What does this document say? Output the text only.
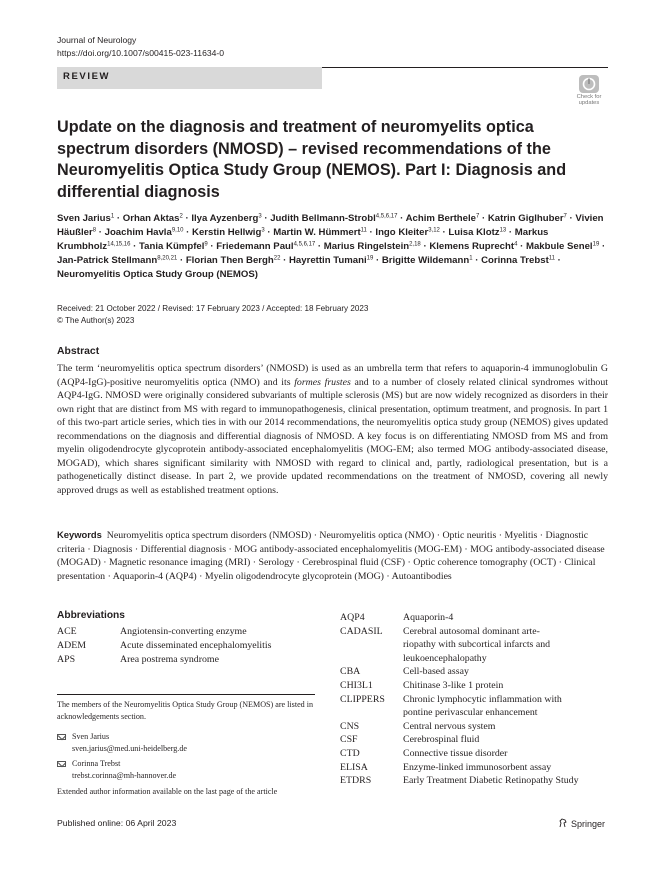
Journal of Neurology
https://doi.org/10.1007/s00415-023-11634-0
REVIEW
Check for
updates
Update on the diagnosis and treatment of neuromyelits optica spectrum disorders (NMOSD) – revised recommendations of the Neuromyelitis Optica Study Group (NEMOS). Part I: Diagnosis and differential diagnosis
Sven Jarius$^1$ · Orhan Aktas$^2$ · Ilya Ayzenberg$^3$ · Judith Bellmann-Strobl$^{4,5,6,17}$ · Achim Berthele$^7$ · Katrin Giglhuber$^7$ · Vivien Häußler$^8$ · Joachim Havla$^{9,10}$ · Kerstin Hellwig$^3$ · Martin W. Hümmert$^{11}$ · Ingo Kleiter$^{3,12}$ · Luisa Klotz$^{13}$ · Markus Krumbholz$^{14,15,16}$ · Tania Kümpfel$^9$ · Friedemann Paul$^{4,5,6,17}$ · Marius Ringelstein$^{2,18}$ · Klemens Ruprecht$^4$ · Makbule Senel$^{19}$ · Jan-Patrick Stellmann$^{8,20,21}$ · Florian Then Bergh$^{22}$ · Hayrettin Tumani$^{19}$ · Brigitte Wildemann$^1$ · Corinna Trebst$^{11}$ · Neuromyelitis Optica Study Group (NEMOS)
Received: 21 October 2022 / Revised: 17 February 2023 / Accepted: 18 February 2023
© The Author(s) 2023
Abstract
The term ‘neuromyelitis optica spectrum disorders’ (NMOSD) is used as an umbrella term that refers to aquaporin-4 immunoglobulin G (AQP4-IgG)-positive neuromyelitis optica (NMO) and its formes frustes and to a number of closely related clinical syndromes without AQP4-IgG. NMOSD were originally considered subvariants of multiple sclerosis (MS) but are now widely recognized as disorders in their own right that are distinct from MS with regard to immunopathogenesis, clinical presentation, optimum treatment, and prognosis. In part 1 of this two-part article series, which ties in with our 2014 recommendations, the neuromyelitis optica study group (NEMOS) gives updated recommendations on the diagnosis and differential diagnosis of NMOSD. A key focus is on differentiating NMOSD from MS and from myelin oligodendrocyte glycoprotein antibody-associated encephalomyelitis (MOG-EM; also termed MOG antibody-associated disease, MOGAD), which shares significant similarity with NMOSD with regard to clinical and, partly, radiological presentation, but is a pathogenetically distinct disease. In part 2, we provide updated recommendations on the treatment of NMOSD, covering all newly approved drugs as well as established treatment options.
Keywords Neuromyelitis optica spectrum disorders (NMOSD) · Neuromyelitis optica (NMO) · Optic neuritis · Myelitis · Diagnostic criteria · Diagnosis · Differential diagnosis · MOG antibody-associated encephalomyelitis (MOG-EM) · MOG antibody-associated disease (MOGAD) · Magnetic resonance imaging (MRI) · Serology · Cerebrospinal fluid (CSF) · Optic coherence tomography (OCT) · Clinical presentation · Aquaporin-4 (AQP4) · Myelin oligodendrocyte glycoprotein (MOG) · Autoantibodies
Abbreviations
ACE	Angiotensin-converting enzyme
ADEM	Acute disseminated encephalomyelitis
APS	Area postrema syndrome
AQP4	Aquaporin-4
CADASIL Cerebral autosomal dominant arte-
riopathy with subcortical infarcts and
leukoencephalopathy
CBA	Cell-based assay
CHI3L1	Chitinase 3-like 1 protein
CLIPPERS Chronic lymphocytic inflammation with
pontine perivascular enhancement
CNS	Central nervous system
CSF	Cerebrospinal fluid
CTD	Connective tissue disorder
ELISA	Enzyme-linked immunosorbent assay
ETDRS	Early Treatment Diabetic Retinopathy Study
The members of the Neuromyelitis Optica Study Group (NEMOS) are listed in acknowledgements section.
Sven Jarius
sven.jarius@med.uni-heidelberg.de
Corinna Trebst
trebst.corinna@mh-hannover.de
Extended author information available on the last page of the article
Published online: 06 April 2023	Springer
